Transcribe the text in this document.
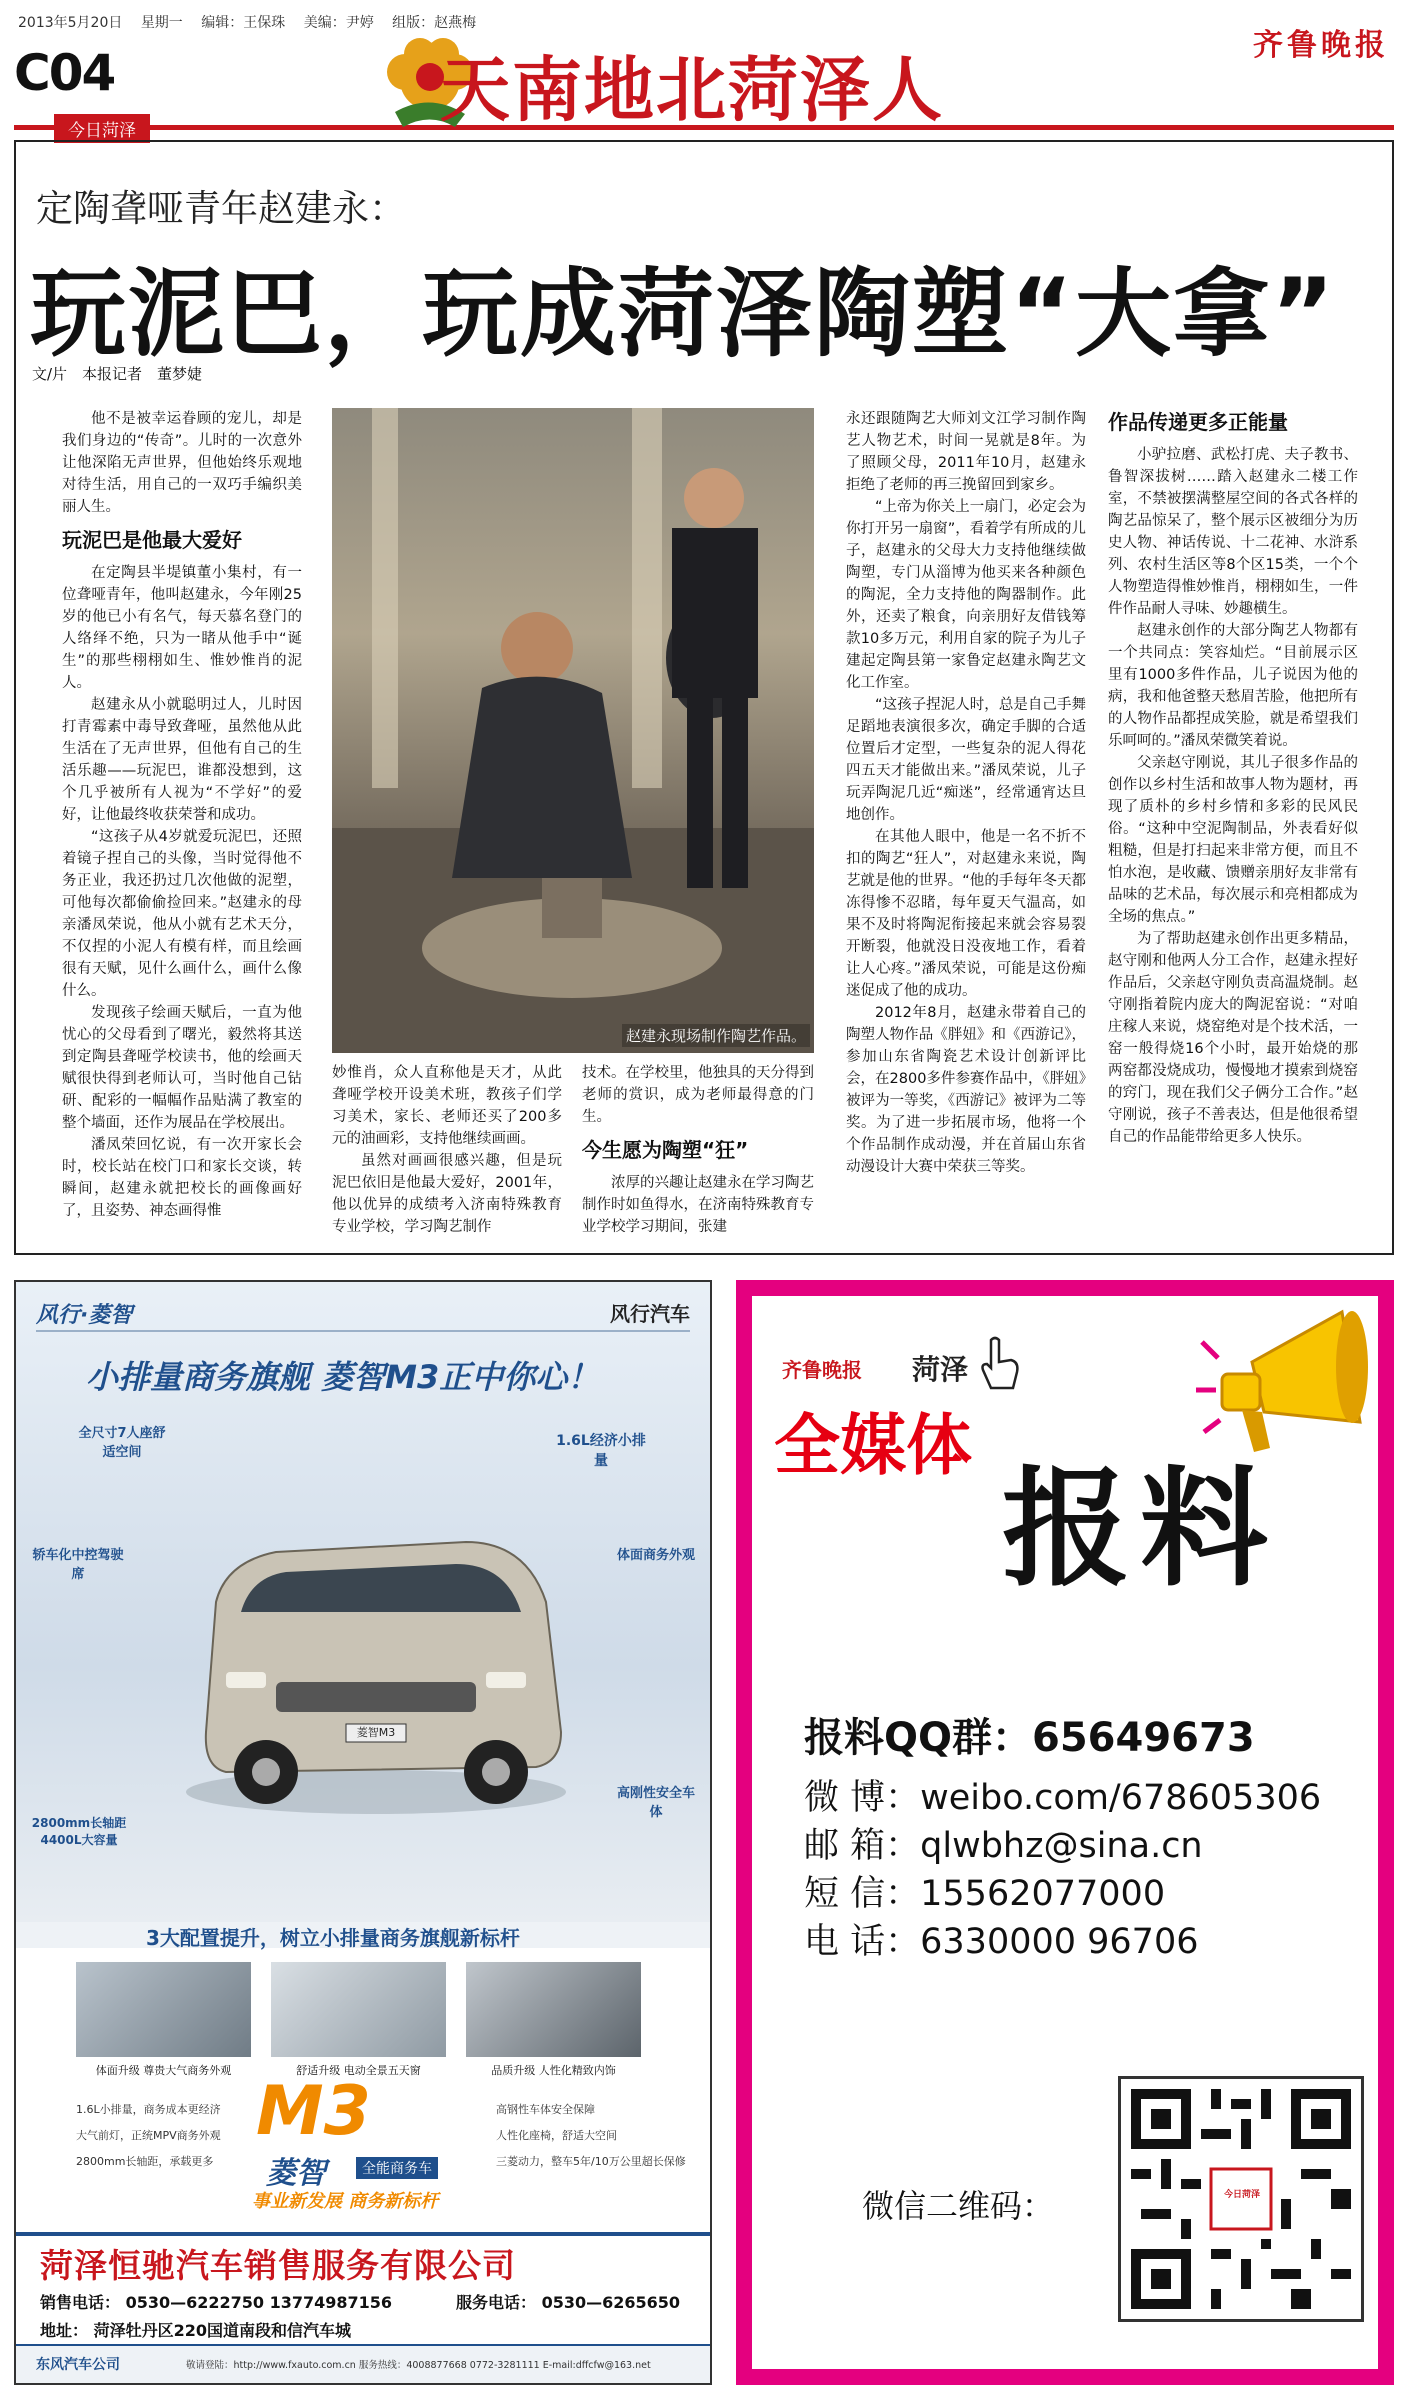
2013年5月20日 星期一 编辑：王保珠 美编：尹婷 组版：赵燕梅
C04
今日菏泽	天南地北菏泽人
齐鲁晚报
定陶聋哑青年赵建永：
玩泥巴，玩成菏泽陶塑“大拿”
文/片　本报记者　董梦婕

他不是被幸运眷顾的宠儿，却是我们身边的“传奇”。儿时的一次意外让他深陷无声世界，但他始终乐观地对待生活，用自己的一双巧手编织美丽人生。

玩泥巴是他最大爱好

在定陶县半堤镇董小集村，有一位聋哑青年，他叫赵建永，今年刚25岁的他已小有名气，每天慕名登门的人络绎不绝，只为一睹从他手中“诞生”的那些栩栩如生、惟妙惟肖的泥人。

赵建永从小就聪明过人，儿时因打青霉素中毒导致聋哑，虽然他从此生活在了无声世界，但他有自己的生活乐趣——玩泥巴，谁都没想到，这个几乎被所有人视为“不学好”的爱好，让他最终收获荣誉和成功。

“这孩子从4岁就爱玩泥巴，还照着镜子捏自己的头像，当时觉得他不务正业，我还扔过几次他做的泥塑，可他每次都偷偷捡回来。”赵建永的母亲潘凤荣说，他从小就有艺术天分，不仅捏的小泥人有模有样，而且绘画很有天赋，见什么画什么，画什么像什么。

发现孩子绘画天赋后，一直为他忧心的父母看到了曙光，毅然将其送到定陶县聋哑学校读书，他的绘画天赋很快得到老师认可，当时他自己钻研、配彩的一幅幅作品贴满了教室的整个墙面，还作为展品在学校展出。

潘凤荣回忆说，有一次开家长会时，校长站在校门口和家长交谈，转瞬间，赵建永就把校长的画像画好了，且姿势、神态画得惟

赵建永现场制作陶艺作品。

妙惟肖，众人直称他是天才，从此聋哑学校开设美术班，教孩子们学习美术，家长、老师还买了200多元的油画彩，支持他继续画画。

虽然对画画很感兴趣，但是玩泥巴依旧是他最大爱好，2001年，他以优异的成绩考入济南特殊教育专业学校，学习陶艺制作

技术。在学校里，他独具的天分得到老师的赏识，成为老师最得意的门生。

今生愿为陶塑“狂”

浓厚的兴趣让赵建永在学习陶艺制作时如鱼得水，在济南特殊教育专业学校学习期间，张建

永还跟随陶艺大师刘文江学习制作陶艺人物艺术，时间一晃就是8年。为了照顾父母，2011年10月，赵建永拒绝了老师的再三挽留回到家乡。

“上帝为你关上一扇门，必定会为你打开另一扇窗”，看着学有所成的儿子，赵建永的父母大力支持他继续做陶塑，专门从淄博为他买来各种颜色的陶泥，全力支持他的陶器制作。此外，还卖了粮食，向亲朋好友借钱筹款10多万元，利用自家的院子为儿子建起定陶县第一家鲁定赵建永陶艺文化工作室。

“这孩子捏泥人时，总是自己手舞足蹈地表演很多次，确定手脚的合适位置后才定型，一些复杂的泥人得花四五天才能做出来。”潘凤荣说，儿子玩弄陶泥几近“痴迷”，经常通宵达旦地创作。

在其他人眼中，他是一名不折不扣的陶艺“狂人”，对赵建永来说，陶艺就是他的世界。“他的手每年冬天都冻得惨不忍睹，每年夏天气温高，如果不及时将陶泥衔接起来就会容易裂开断裂，他就没日没夜地工作，看着让人心疼。”潘凤荣说，可能是这份痴迷促成了他的成功。

2012年8月，赵建永带着自己的陶塑人物作品《胖妞》和《西游记》，参加山东省陶瓷艺术设计创新评比会，在2800多件参赛作品中，《胖妞》被评为一等奖，《西游记》被评为二等奖。为了进一步拓展市场，他将一个个作品制作成动漫，并在首届山东省动漫设计大赛中荣获三等奖。

作品传递更多正能量

小驴拉磨、武松打虎、夫子教书、鲁智深拔树……踏入赵建永二楼工作室，不禁被摆满整屋空间的各式各样的陶艺品惊呆了，整个展示区被细分为历史人物、神话传说、十二花神、水浒系列、农村生活区等8个区15类，一个个人物塑造得惟妙惟肖，栩栩如生，一件件作品耐人寻味、妙趣横生。

赵建永创作的大部分陶艺人物都有一个共同点：笑容灿烂。“目前展示区里有1000多件作品，儿子说因为他的病，我和他爸整天愁眉苦脸，他把所有的人物作品都捏成笑脸，就是希望我们乐呵呵的。”潘凤荣微笑着说。

父亲赵守刚说，其儿子很多作品的创作以乡村生活和故事人物为题材，再现了质朴的乡村乡情和多彩的民风民俗。“这种中空泥陶制品，外表看好似粗糙，但是打扫起来非常方便，而且不怕水泡，是收藏、馈赠亲朋好友非常有品味的艺术品，每次展示和亮相都成为全场的焦点。”

为了帮助赵建永创作出更多精品，赵守刚和他两人分工合作，赵建永捏好作品后，父亲赵守刚负责高温烧制。赵守刚指着院内庞大的陶泥窑说：“对咱庄稼人来说，烧窑绝对是个技术活，一窑一般得烧16个小时，最开始烧的那两窑都没烧成功，慢慢地才摸索到烧窑的窍门，现在我们父子俩分工合作。”赵守刚说，孩子不善表达，但是他很希望自己的作品能带给更多人快乐。

风行·菱智	风行汽车
小排量商务旗舰 菱智M3正中你心！
全尺寸7人座舒适空间
1.6L经济小排量
轿车化中控驾驶席
体面商务外观
2800mm长轴距4400L大容量
高刚性安全车体
菱智M3
3大配置提升，树立小排量商务旗舰新标杆
体面升级 尊贵大气商务外观	舒适升级 电动全景五天窗	品质升级 人性化精致内饰
1.6L小排量，商务成本更经济
大气前灯，正统MPV商务外观
2800mm长轴距，承载更多
高钢性车体安全保障
人性化座椅，舒适大空间
三菱动力，整车5年/10万公里超长保修
M3
菱智	全能商务车
事业新发展 商务新标杆
菏泽恒驰汽车销售服务有限公司
销售电话： 0530—6222750 13774987156	服务电话： 0530—6265650
地址： 菏泽牡丹区220国道南段和信汽车城
东风汽车公司	敬请登陆：http://www.fxauto.com.cn 服务热线：4008877668 0772-3281111 E-mail:dffcfw@163.net
齐鲁晚报 菏泽
全媒体
报料
报料QQ群：65649673
微 博：weibo.com/678605306
邮 箱：qlwbhz@sina.cn
短 信：15562077000
电 话：6330000 96706
微信二维码：	今日菏泽
